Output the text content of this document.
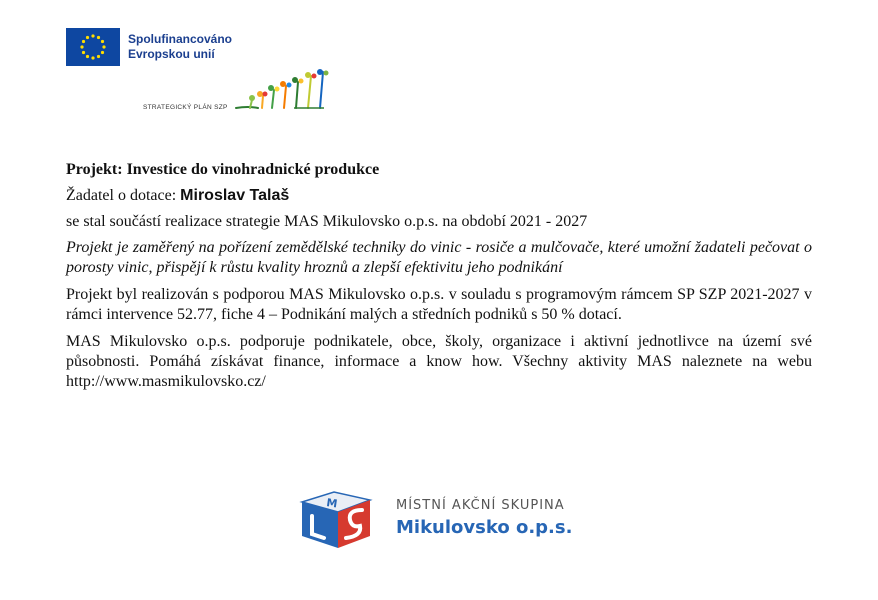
Spolufinancováno
Evropskou unií
STRATEGICKÝ PLÁN SZP

Projekt: Investice do vinohradnické produkce

Žadatel o dotace: Miroslav Talaš

se stal součástí realizace strategie MAS Mikulovsko o.p.s. na období 2021 - 2027

Projekt je zaměřený na pořízení zemědělské techniky do vinic - rosiče a mulčovače, které umožní žadateli pečovat o porosty vinic, přispějí k růstu kvality hroznů a zlepší efektivitu jeho podnikání

Projekt byl realizován s podporou MAS Mikulovsko o.p.s. v souladu s programovým rámcem SP SZP 2021-2027 v rámci intervence 52.77, fiche 4 – Podnikání malých a středních podniků s 50 % dotací.

MAS Mikulovsko o.p.s. podporuje podnikatele, obce, školy, organizace i aktivní jednotlivce na území své působnosti. Pomáhá získávat finance, informace a know how. Všechny aktivity MAS naleznete na webu http://www.masmikulovsko.cz/

M	MÍSTNÍ AKČNÍ SKUPINA
Mikulovsko o.p.s.
